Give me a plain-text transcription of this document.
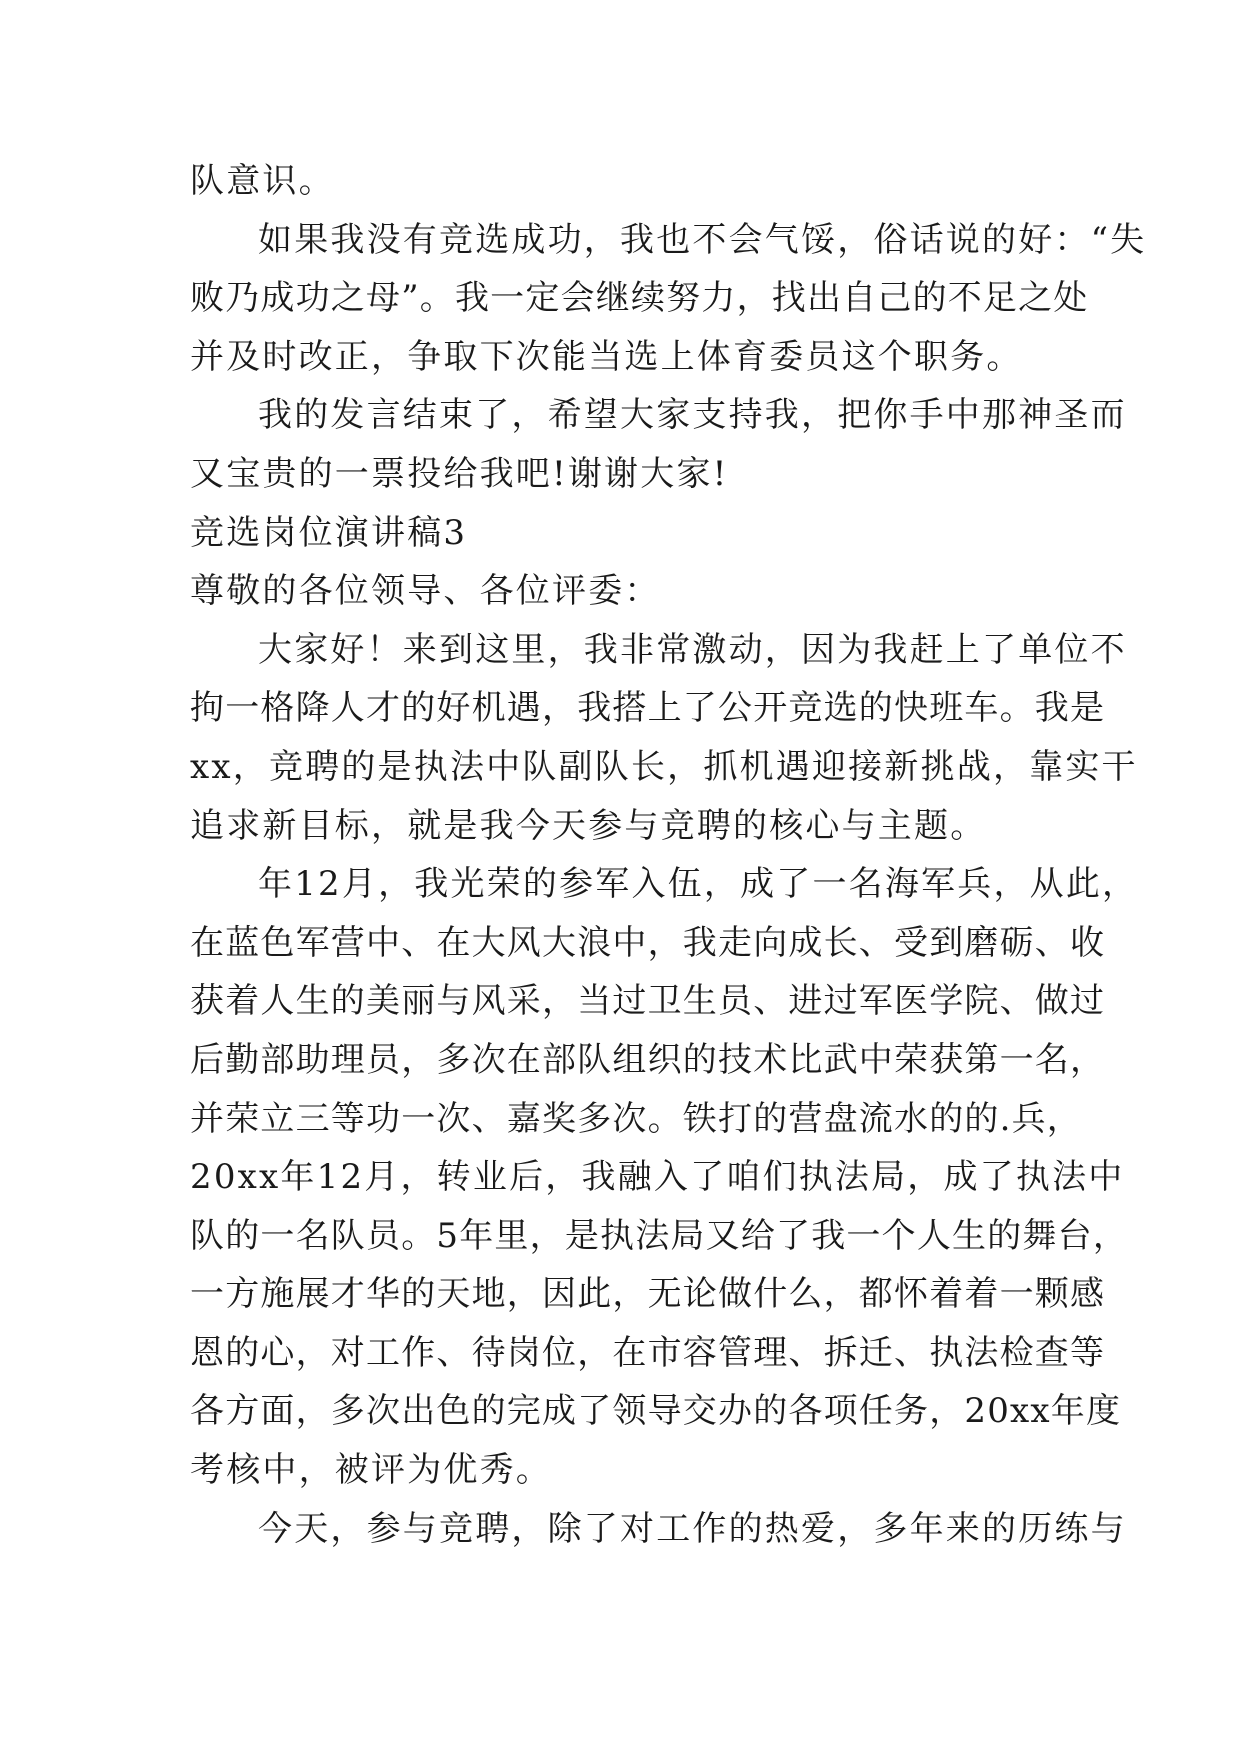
队意识。
如果我没有竞选成功，我也不会气馁，俗话说的好：“失
败乃成功之母”。我一定会继续努力，找出自己的不足之处
并及时改正，争取下次能当选上体育委员这个职务。
我的发言结束了，希望大家支持我，把你手中那神圣而
又宝贵的一票投给我吧!谢谢大家!
竞选岗位演讲稿3
尊敬的各位领导、各位评委：
大家好！来到这里，我非常激动，因为我赶上了单位不
拘一格降人才的好机遇，我搭上了公开竞选的快班车。我是
xx，竞聘的是执法中队副队长，抓机遇迎接新挑战，靠实干
追求新目标，就是我今天参与竞聘的核心与主题。
年12月，我光荣的参军入伍，成了一名海军兵，从此，
在蓝色军营中、在大风大浪中，我走向成长、受到磨砺、收
获着人生的美丽与风采，当过卫生员、进过军医学院、做过
后勤部助理员，多次在部队组织的技术比武中荣获第一名，
并荣立三等功一次、嘉奖多次。铁打的营盘流水的的.兵，
20xx年12月，转业后，我融入了咱们执法局，成了执法中
队的一名队员。5年里，是执法局又给了我一个人生的舞台，
一方施展才华的天地，因此，无论做什么，都怀着着一颗感
恩的心，对工作、待岗位，在市容管理、拆迁、执法检查等
各方面，多次出色的完成了领导交办的各项任务，20xx年度
考核中，被评为优秀。
今天，参与竞聘，除了对工作的热爱，多年来的历练与
